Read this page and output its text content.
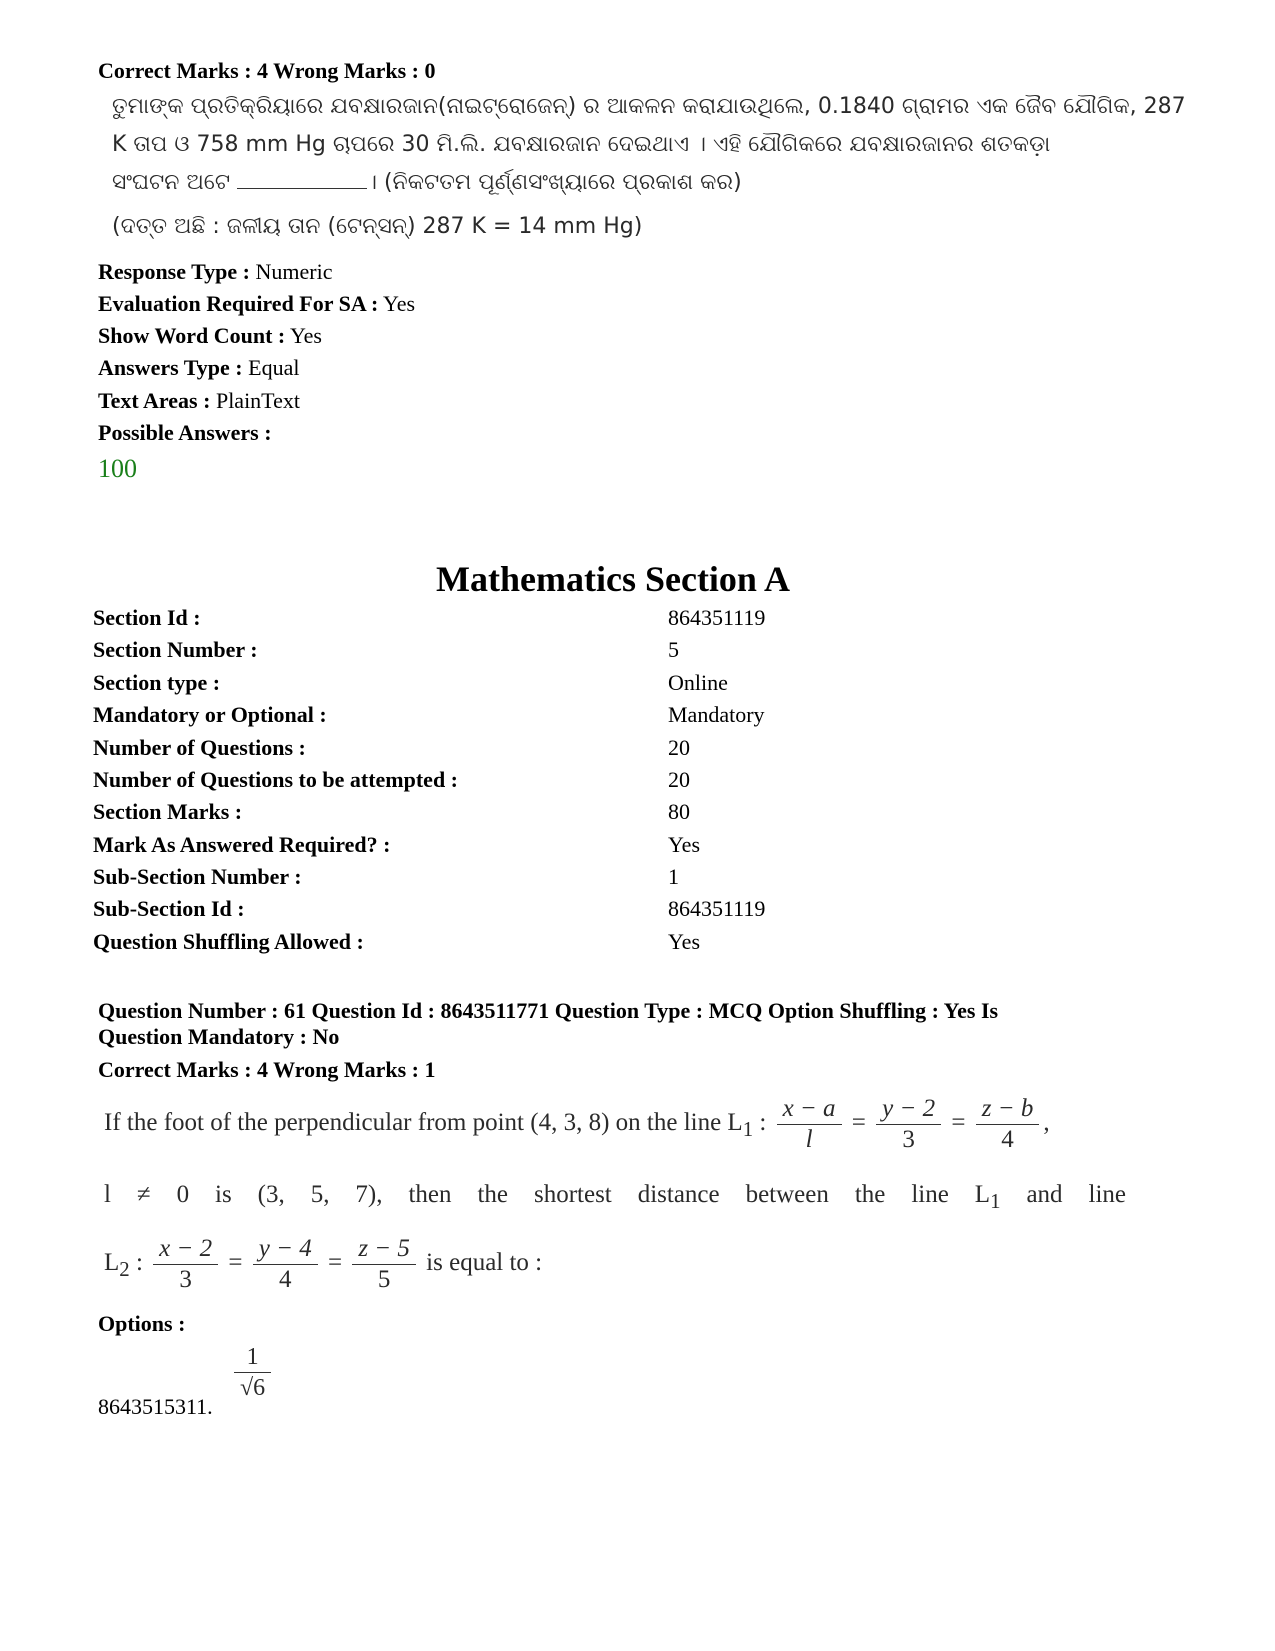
Correct Marks : 4 Wrong Marks : 0
ତୁମାଙ୍କ ପ୍ରତିକ୍ରିୟାରେ ଯବକ୍ଷାରଜାନ(ନାଇଟ୍ରୋଜେନ୍) ର ଆକଳନ କରାଯାଉଥିଲେ, 0.1840 ଗ୍ରାମର ଏକ ଜୈବ ଯୌଗିକ, 287
K ତାପ ଓ 758 mm Hg ଚାପରେ 30 ମି.ଲି. ଯବକ୍ଷାରଜାନ ଦେଇଥାଏ । ଏହି ଯୌଗିକରେ ଯବକ୍ଷାରଜାନର ଶତକଡ଼ା
ସଂଘଟନ ଅଟେ	। (ନିକଟତମ ପୂର୍ଣ୍ଣସଂଖ୍ୟାରେ ପ୍ରକାଶ କର)
(ଦତ୍ତ ଅଛି : ଜଳୀୟ ତାନ (ଟେନ୍‌ସନ୍) 287 K = 14 mm Hg)
Response Type : Numeric
Evaluation Required For SA : Yes
Show Word Count : Yes
Answers Type : Equal
Text Areas : PlainText
Possible Answers :
100
Mathematics Section A
Section Id :	864351119
Section Number :	5
Section type :	Online
Mandatory or Optional :	Mandatory
Number of Questions :	20
Number of Questions to be attempted :	20
Section Marks :	80
Mark As Answered Required? :	Yes
Sub-Section Number :	1
Sub-Section Id :	864351119
Question Shuffling Allowed :	Yes
Question Number : 61 Question Id : 8643511771 Question Type : MCQ Option Shuffling : Yes Is
Question Mandatory : No
Correct Marks : 4 Wrong Marks : 1
If the foot of the perpendicular from point (4, 3, 8) on the line $L_1$ : $\frac{x - a}{l} = \frac{y - 2}{3} = \frac{z - b}{4}$ ,
l ≠ 0 is (3, 5, 7), then the shortest distance between the line $L_1$ and line
$L_2$ : $\frac{x - 2}{3} = \frac{y - 4}{4} = \frac{z - 5}{5}$ is equal to :
Options :
8643515311.
$\frac{1}{√6}$
